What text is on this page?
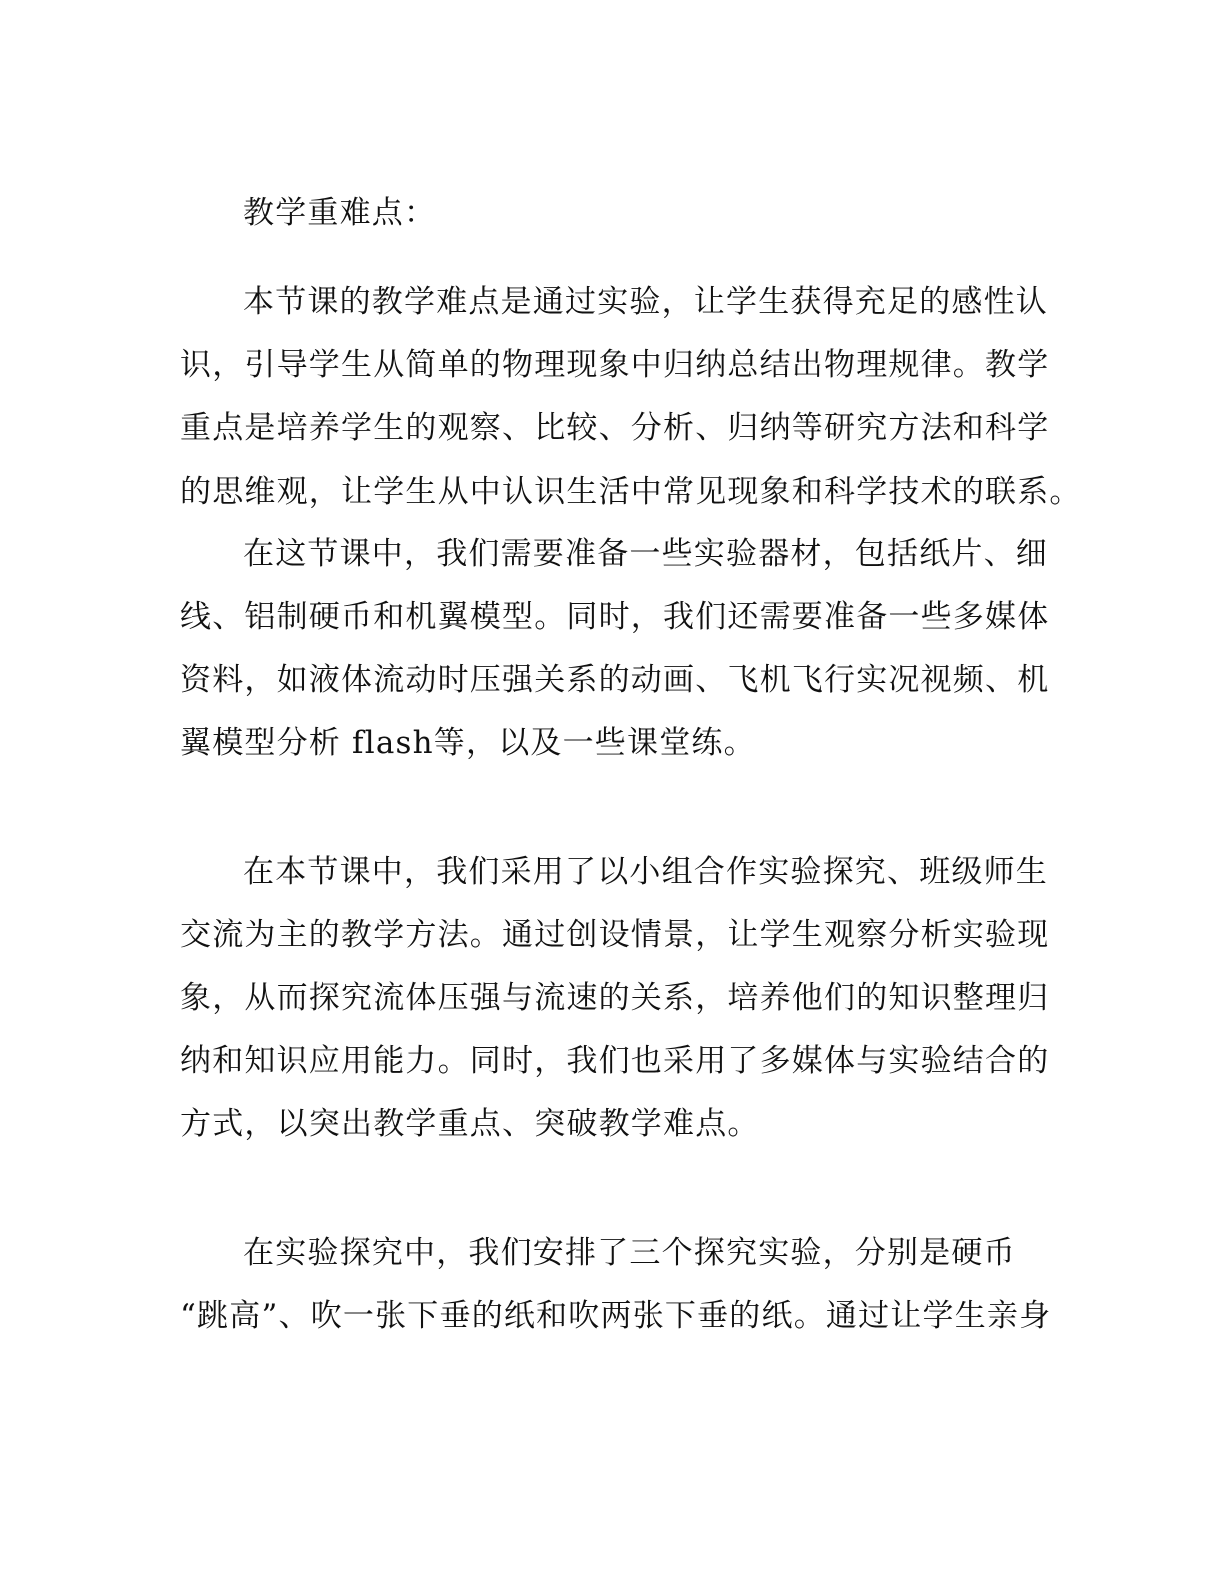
教学重难点：

本节课的教学难点是通过实验，让学生获得充足的感性认

识，引导学生从简单的物理现象中归纳总结出物理规律。教学

重点是培养学生的观察、比较、分析、归纳等研究方法和科学

的思维观，让学生从中认识生活中常见现象和科学技术的联系。

在这节课中，我们需要准备一些实验器材，包括纸片、细

线、铝制硬币和机翼模型。同时，我们还需要准备一些多媒体

资料，如液体流动时压强关系的动画、飞机飞行实况视频、机

翼模型分析 flash等，以及一些课堂练。

在本节课中，我们采用了以小组合作实验探究、班级师生

交流为主的教学方法。通过创设情景，让学生观察分析实验现

象，从而探究流体压强与流速的关系，培养他们的知识整理归

纳和知识应用能力。同时，我们也采用了多媒体与实验结合的

方式，以突出教学重点、突破教学难点。

在实验探究中，我们安排了三个探究实验，分别是硬币

“跳高”、吹一张下垂的纸和吹两张下垂的纸。通过让学生亲身
